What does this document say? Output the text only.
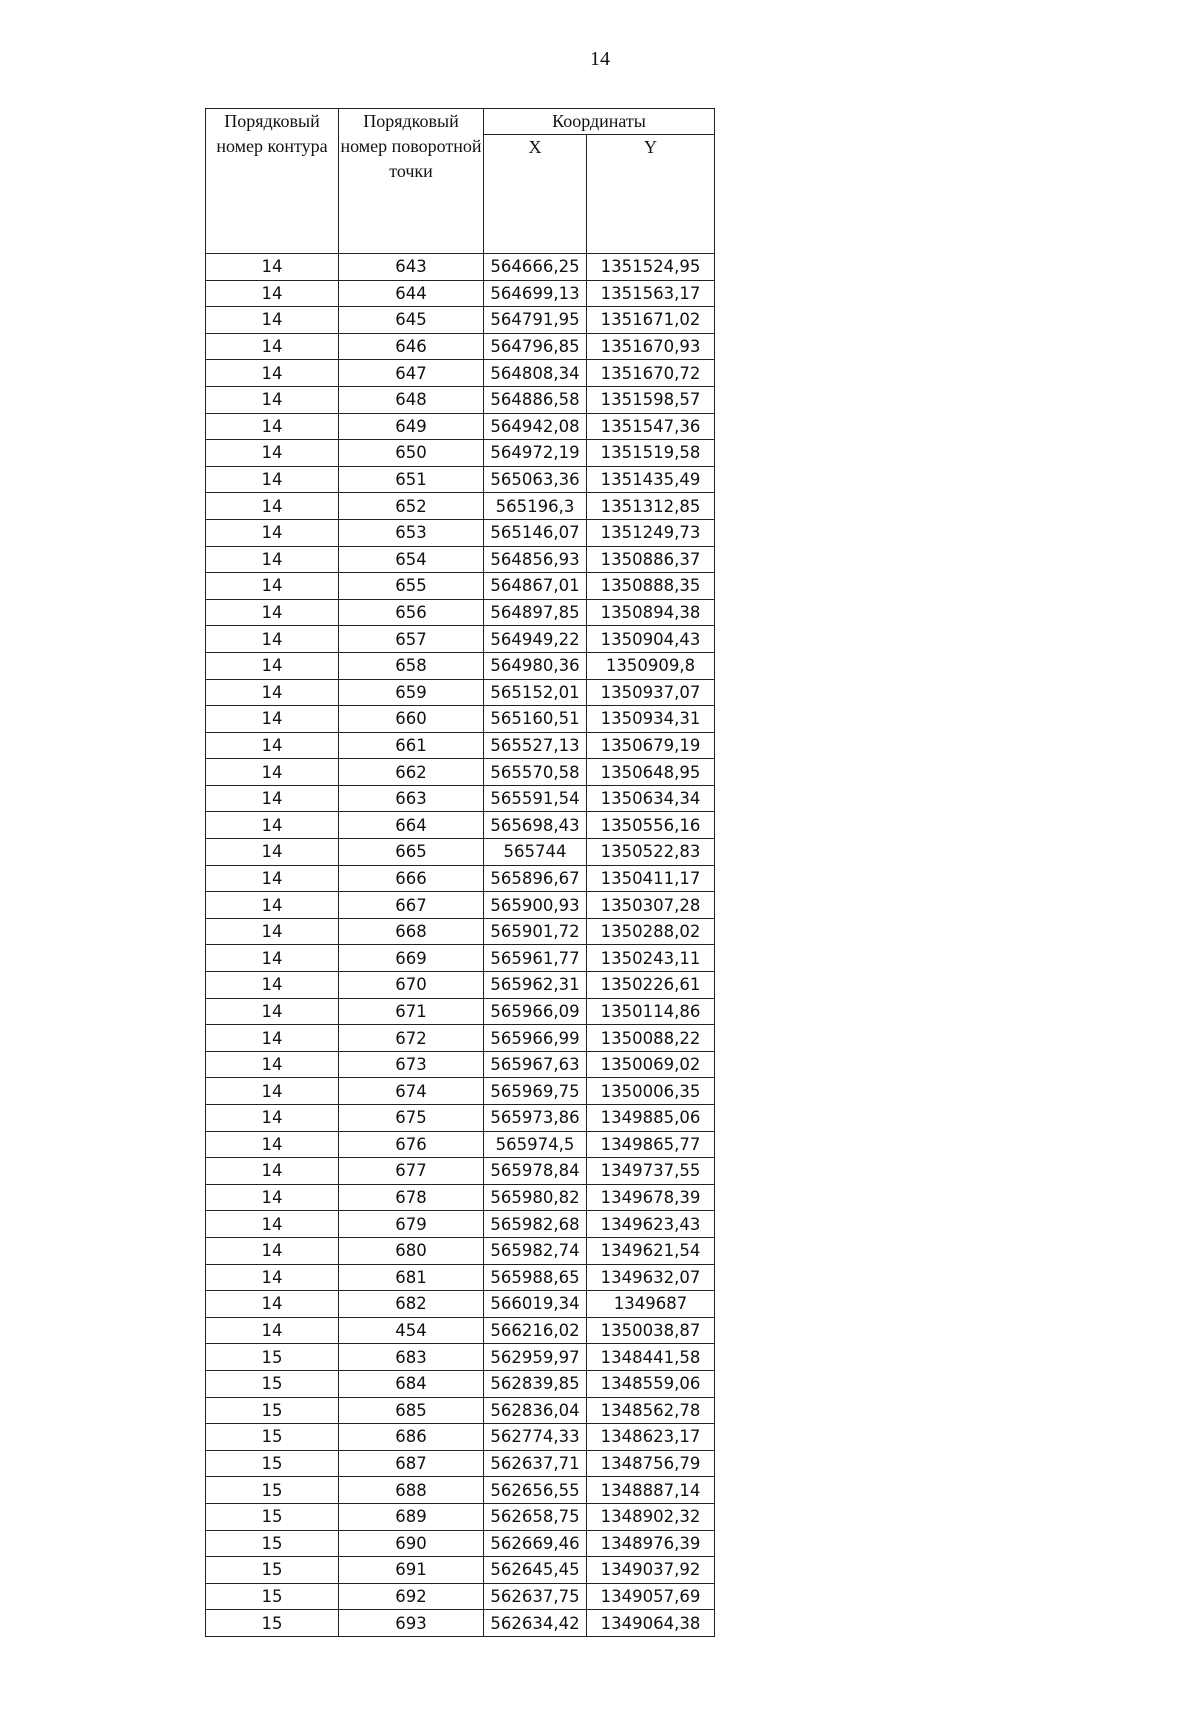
14
Порядковый номер контура	Порядковый номер поворотной точки	Координаты	
		X	Y
14	643	564666,25	1351524,95
14	644	564699,13	1351563,17
14	645	564791,95	1351671,02
14	646	564796,85	1351670,93
14	647	564808,34	1351670,72
14	648	564886,58	1351598,57
14	649	564942,08	1351547,36
14	650	564972,19	1351519,58
14	651	565063,36	1351435,49
14	652	565196,3	1351312,85
14	653	565146,07	1351249,73
14	654	564856,93	1350886,37
14	655	564867,01	1350888,35
14	656	564897,85	1350894,38
14	657	564949,22	1350904,43
14	658	564980,36	1350909,8
14	659	565152,01	1350937,07
14	660	565160,51	1350934,31
14	661	565527,13	1350679,19
14	662	565570,58	1350648,95
14	663	565591,54	1350634,34
14	664	565698,43	1350556,16
14	665	565744	1350522,83
14	666	565896,67	1350411,17
14	667	565900,93	1350307,28
14	668	565901,72	1350288,02
14	669	565961,77	1350243,11
14	670	565962,31	1350226,61
14	671	565966,09	1350114,86
14	672	565966,99	1350088,22
14	673	565967,63	1350069,02
14	674	565969,75	1350006,35
14	675	565973,86	1349885,06
14	676	565974,5	1349865,77
14	677	565978,84	1349737,55
14	678	565980,82	1349678,39
14	679	565982,68	1349623,43
14	680	565982,74	1349621,54
14	681	565988,65	1349632,07
14	682	566019,34	1349687
14	454	566216,02	1350038,87
15	683	562959,97	1348441,58
15	684	562839,85	1348559,06
15	685	562836,04	1348562,78
15	686	562774,33	1348623,17
15	687	562637,71	1348756,79
15	688	562656,55	1348887,14
15	689	562658,75	1348902,32
15	690	562669,46	1348976,39
15	691	562645,45	1349037,92
15	692	562637,75	1349057,69
15	693	562634,42	1349064,38
